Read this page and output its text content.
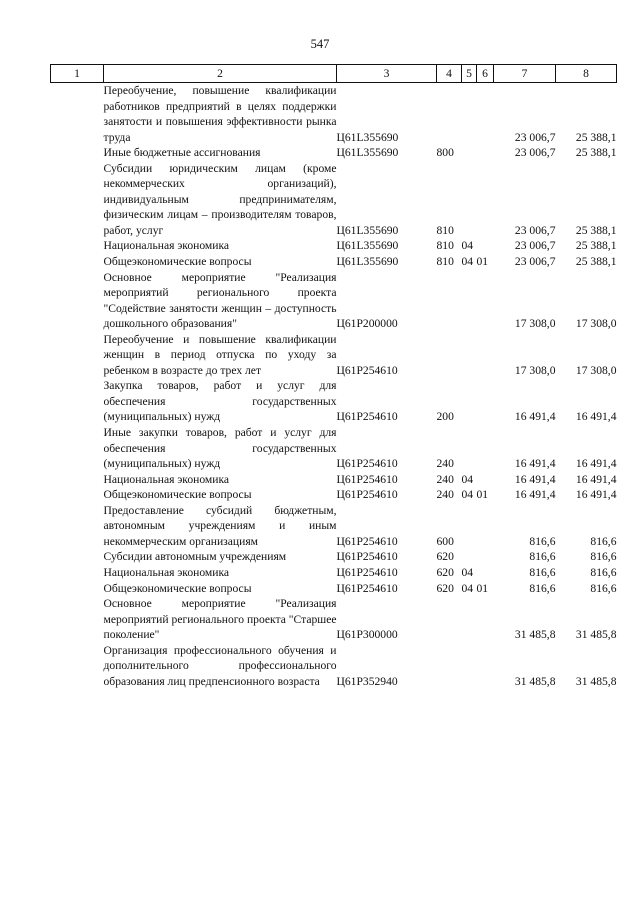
547
1	2	3	4	5	6	7	8
	Переобучение, повышение квалификации работников предприятий в целях поддержки занятости и повышения эффективности рынка труда	Ц61L355690				23 006,7	25 388,1
	Иные бюджетные ассигнования	Ц61L355690	800			23 006,7	25 388,1
	Субсидии юридическим лицам (кроме некоммерческих организаций), индивидуальным предпринимателям, физическим лицам – производителям товаров, работ, услуг	Ц61L355690	810			23 006,7	25 388,1
	Национальная экономика	Ц61L355690	810	04		23 006,7	25 388,1
	Общеэкономические вопросы	Ц61L355690	810	04	01	23 006,7	25 388,1
	Основное мероприятие "Реализация мероприятий регионального проекта "Содействие занятости женщин – доступность дошкольного образования"	Ц61P200000				17 308,0	17 308,0
	Переобучение и повышение квалификации женщин в период отпуска по уходу за ребенком в возрасте до трех лет	Ц61P254610				17 308,0	17 308,0
	Закупка товаров, работ и услуг для обеспечения государственных (муниципальных) нужд	Ц61P254610	200			16 491,4	16 491,4
	Иные закупки товаров, работ и услуг для обеспечения государственных (муниципальных) нужд	Ц61P254610	240			16 491,4	16 491,4
	Национальная экономика	Ц61P254610	240	04		16 491,4	16 491,4
	Общеэкономические вопросы	Ц61P254610	240	04	01	16 491,4	16 491,4
	Предоставление субсидий бюджетным, автономным учреждениям и иным некоммерческим организациям	Ц61P254610	600			816,6	816,6
	Субсидии автономным учреждениям	Ц61P254610	620			816,6	816,6
	Национальная экономика	Ц61P254610	620	04		816,6	816,6
	Общеэкономические вопросы	Ц61P254610	620	04	01	816,6	816,6
	Основное мероприятие "Реализация мероприятий регионального проекта "Старшее поколение"	Ц61P300000				31 485,8	31 485,8
	Организация профессионального обучения и дополнительного профессионального образования лиц предпенсионного возраста	Ц61P352940				31 485,8	31 485,8
